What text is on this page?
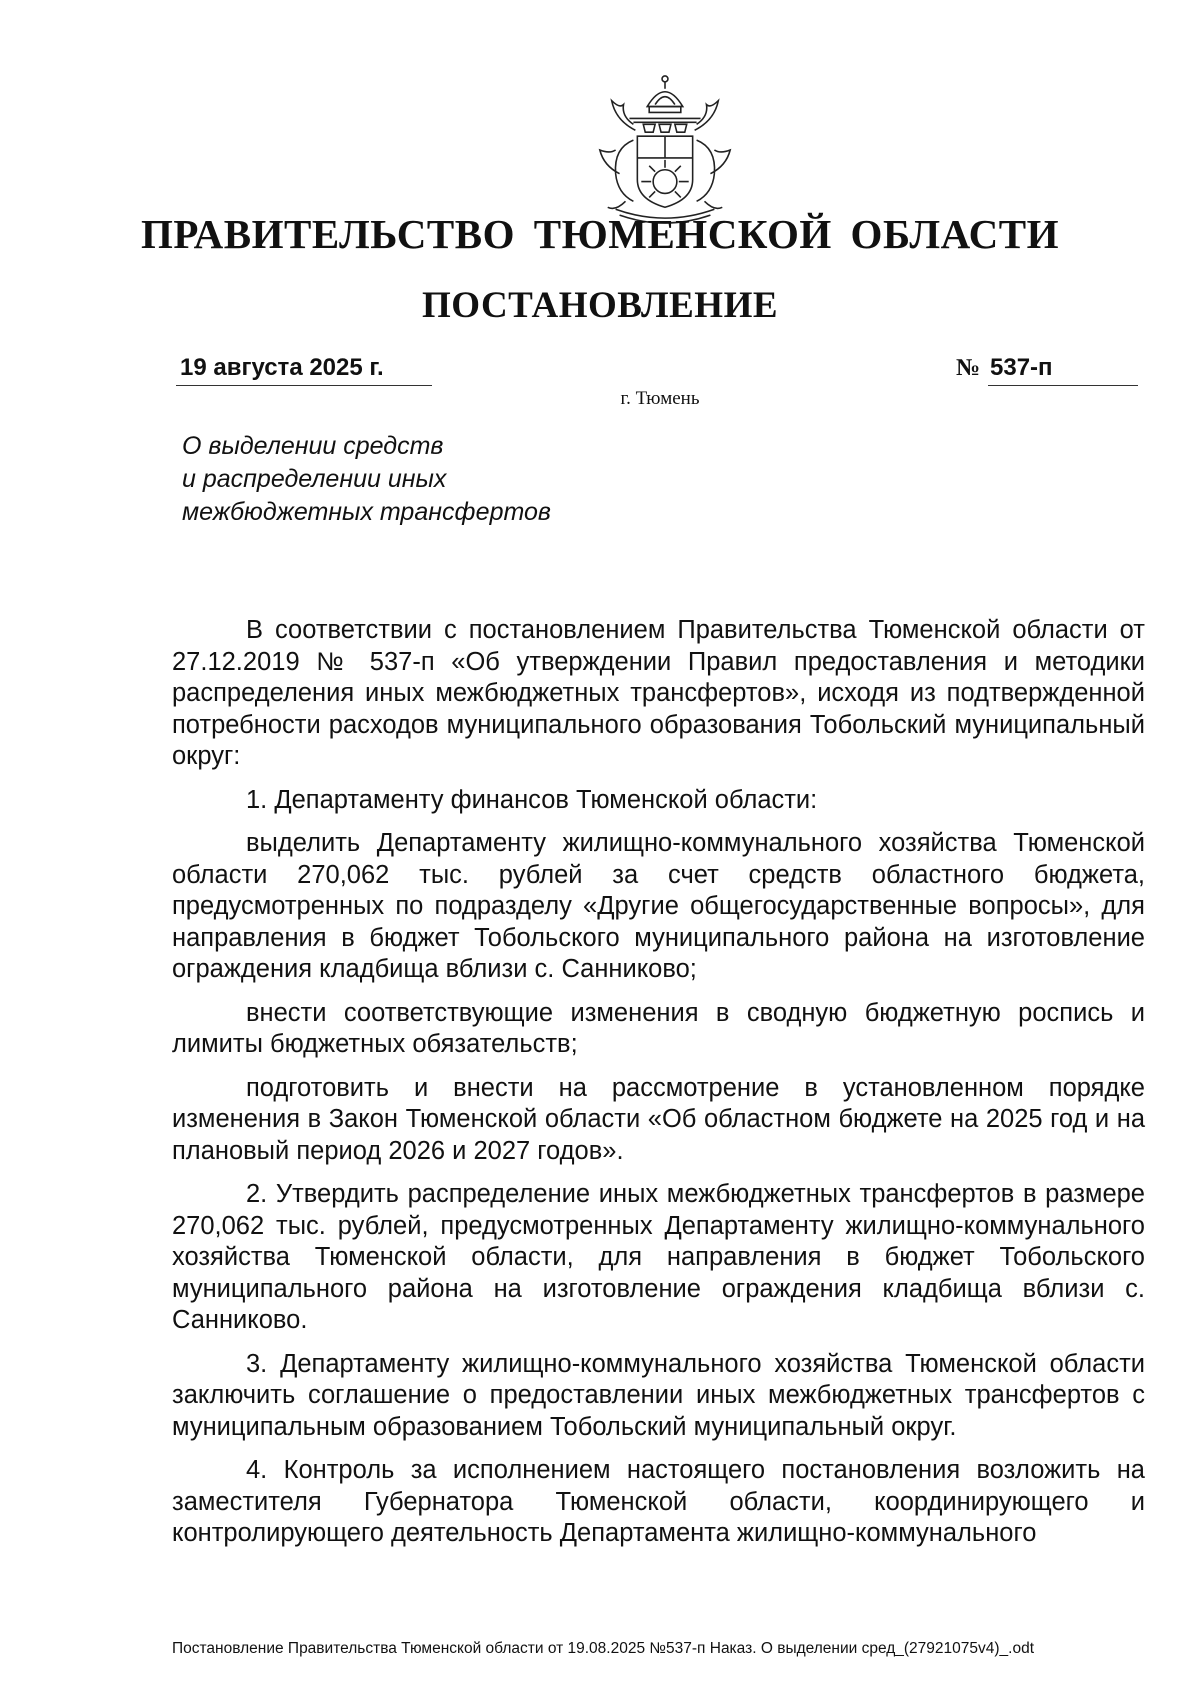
ПРАВИТЕЛЬСТВО ТЮМЕНСКОЙ ОБЛАСТИ
ПОСТАНОВЛЕНИЕ
19 августа 2025 г.	№ 537-п
г. Тюмень
О выделении средств
и распределении иных
межбюджетных трансфертов

В соответствии с постановлением Правительства Тюменской области от 27.12.2019 № 537-п «Об утверждении Правил предоставления и методики распределения иных межбюджетных трансфертов», исходя из подтвержденной потребности расходов муниципального образования Тобольский муниципальный округ:

1. Департаменту финансов Тюменской области:

выделить Департаменту жилищно-коммунального хозяйства Тюменской области 270,062 тыс. рублей за счет средств областного бюджета, предусмотренных по подразделу «Другие общегосударственные вопросы», для направления в бюджет Тобольского муниципального района на изготовление ограждения кладбища вблизи с. Санниково;

внести соответствующие изменения в сводную бюджетную роспись и лимиты бюджетных обязательств;

подготовить и внести на рассмотрение в установленном порядке изменения в Закон Тюменской области «Об областном бюджете на 2025 год и на плановый период 2026 и 2027 годов».

2. Утвердить распределение иных межбюджетных трансфертов в размере 270,062 тыс. рублей, предусмотренных Департаменту жилищно-коммунального хозяйства Тюменской области, для направления в бюджет Тобольского муниципального района на изготовление ограждения кладбища вблизи с. Санниково.

3. Департаменту жилищно-коммунального хозяйства Тюменской области заключить соглашение о предоставлении иных межбюджетных трансфертов с муниципальным образованием Тобольский муниципальный округ.

4. Контроль за исполнением настоящего постановления возложить на заместителя Губернатора Тюменской области, координирующего и контролирующего деятельность Департамента жилищно-коммунального

Постановление Правительства Тюменской области от 19.08.2025 №537-п Наказ. О выделении сред_(27921075v4)_.odt
